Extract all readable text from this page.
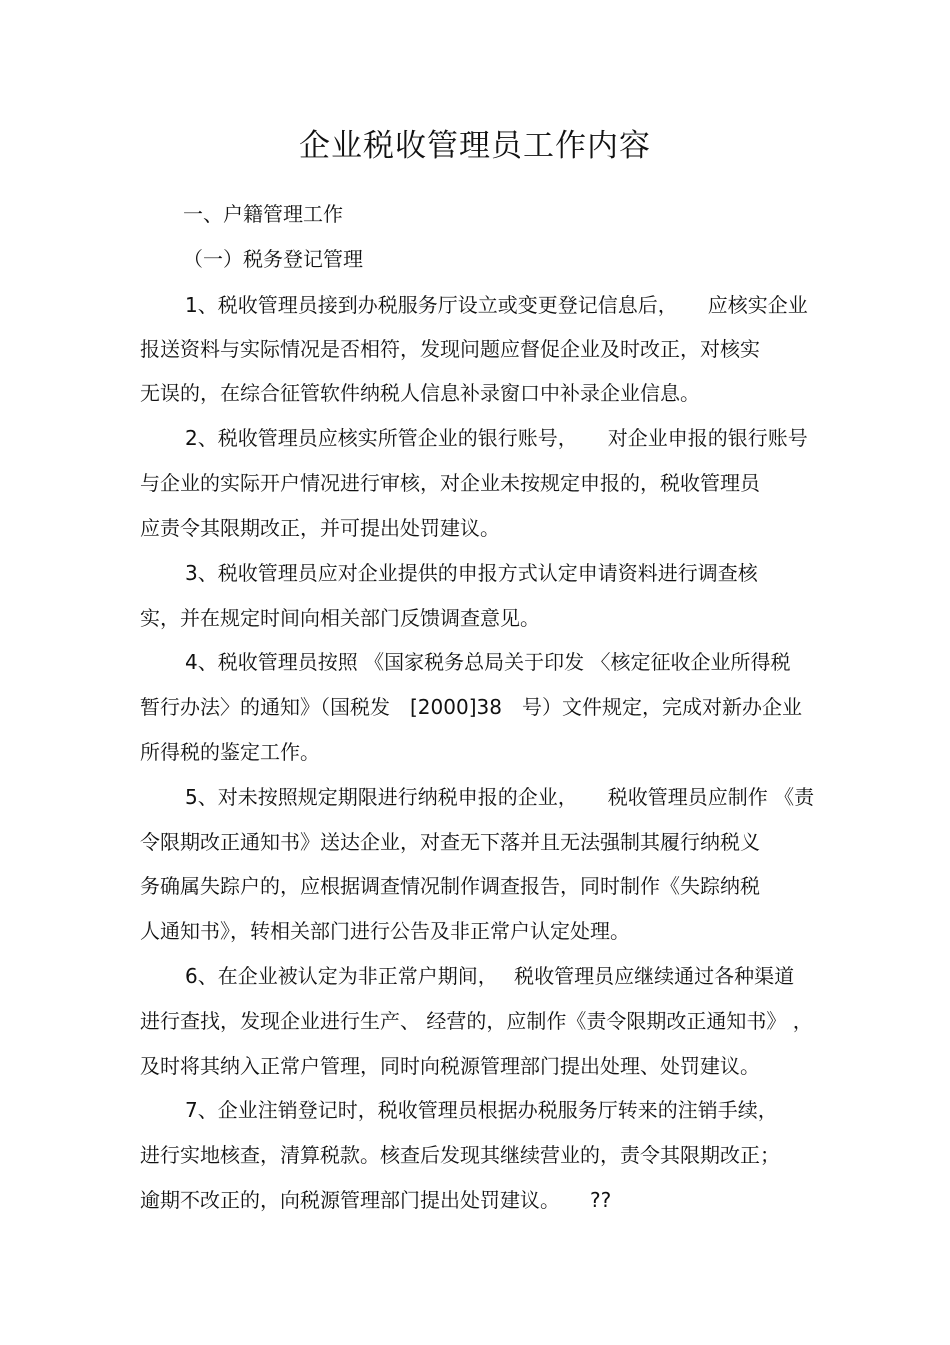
企业税收管理员工作内容
一、户籍管理工作
（一）税务登记管理
1、税收管理员接到办税服务厅设立或变更登记信息后，　　应核实企业
报送资料与实际情况是否相符，发现问题应督促企业及时改正，对核实
无误的，在综合征管软件纳税人信息补录窗口中补录企业信息。
2、税收管理员应核实所管企业的银行账号，　　对企业申报的银行账号
与企业的实际开户情况进行审核，对企业未按规定申报的，税收管理员
应责令其限期改正，并可提出处罚建议。
3、税收管理员应对企业提供的申报方式认定申请资料进行调查核
实，并在规定时间向相关部门反馈调查意见。
4、税收管理员按照 《国家税务总局关于印发 〈核定征收企业所得税
暂行办法〉的通知》（国税发　[2000]38　号）文件规定，完成对新办企业
所得税的鉴定工作。
5、对未按照规定期限进行纳税申报的企业，　　税收管理员应制作 《责
令限期改正通知书》送达企业，对查无下落并且无法强制其履行纳税义
务确属失踪户的，应根据调查情况制作调查报告，同时制作《失踪纳税
人通知书》，转相关部门进行公告及非正常户认定处理。
6、在企业被认定为非正常户期间，　 税收管理员应继续通过各种渠道
进行查找，发现企业进行生产、 经营的，应制作《责令限期改正通知书》 ，
及时将其纳入正常户管理，同时向税源管理部门提出处理、处罚建议。
7、企业注销登记时，税收管理员根据办税服务厅转来的注销手续，
进行实地核查，清算税款。核查后发现其继续营业的，责令其限期改正；
逾期不改正的，向税源管理部门提出处罚建议。　　??
